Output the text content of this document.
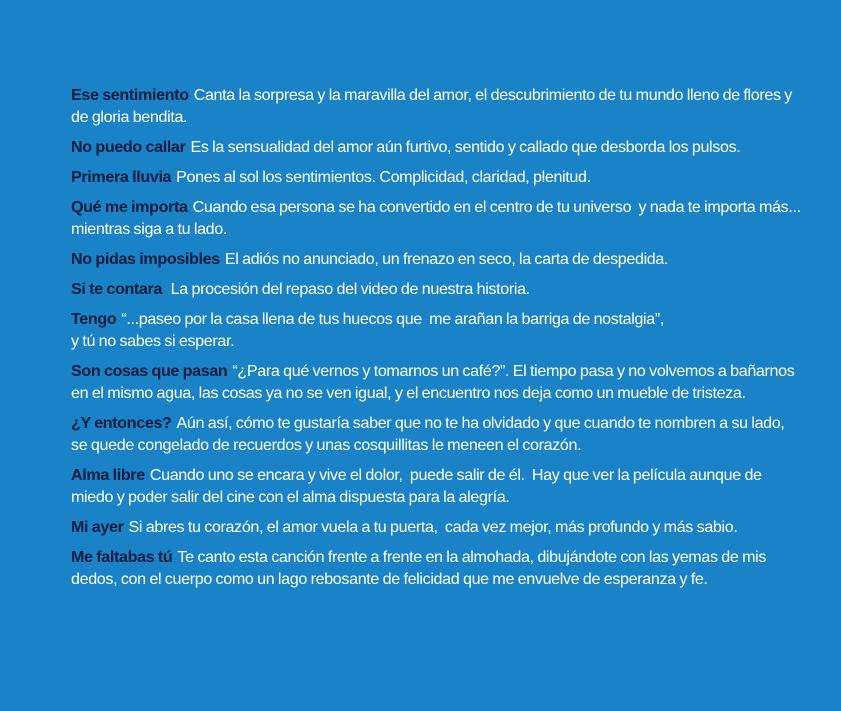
Ese sentimiento Canta la sorpresa y la maravilla del amor, el descubrimiento de tu mundo lleno de flores y de gloria bendita.
No puedo callar Es la sensualidad del amor aún furtivo, sentido y callado que desborda los pulsos.
Primera lluvia Pones al sol los sentimientos. Complicidad, claridad, plenitud.
Qué me importa Cuando esa persona se ha convertido en el centro de tu universo  y nada te importa más...  mientras siga a tu lado.
No pidas imposibles El adiós no anunciado, un frenazo en seco, la carta de despedida.
Si te contara La procesión del repaso del video de nuestra historia.
Tengo “...paseo por la casa llena de tus huecos que  me arañan la barriga de nostalgia”,
y tú no sabes si esperar.
Son cosas que pasan “¿Para qué vernos y tomarnos un café?”. El tiempo pasa y no volvemos a bañarnos en el mismo agua, las cosas ya no se ven igual, y el encuentro nos deja como un mueble de tristeza.
¿Y entonces? Aún así, cómo te gustaría saber que no te ha olvidado y que cuando te nombren a su lado,  se quede congelado de recuerdos y unas cosquillitas le meneen el corazón.
Alma libre Cuando uno se encara y vive el dolor,  puede salir de él.  Hay que ver la película aunque de miedo y poder salir del cine con el alma dispuesta para la alegría.
Mi ayer Si abres tu corazón, el amor vuela a tu puerta,  cada vez mejor, más profundo y más sabio.
Me faltabas tú Te canto esta canción frente a frente en la almohada, dibujándote con las yemas de mis dedos, con el cuerpo como un lago rebosante de felicidad que me envuelve de esperanza y fe.
